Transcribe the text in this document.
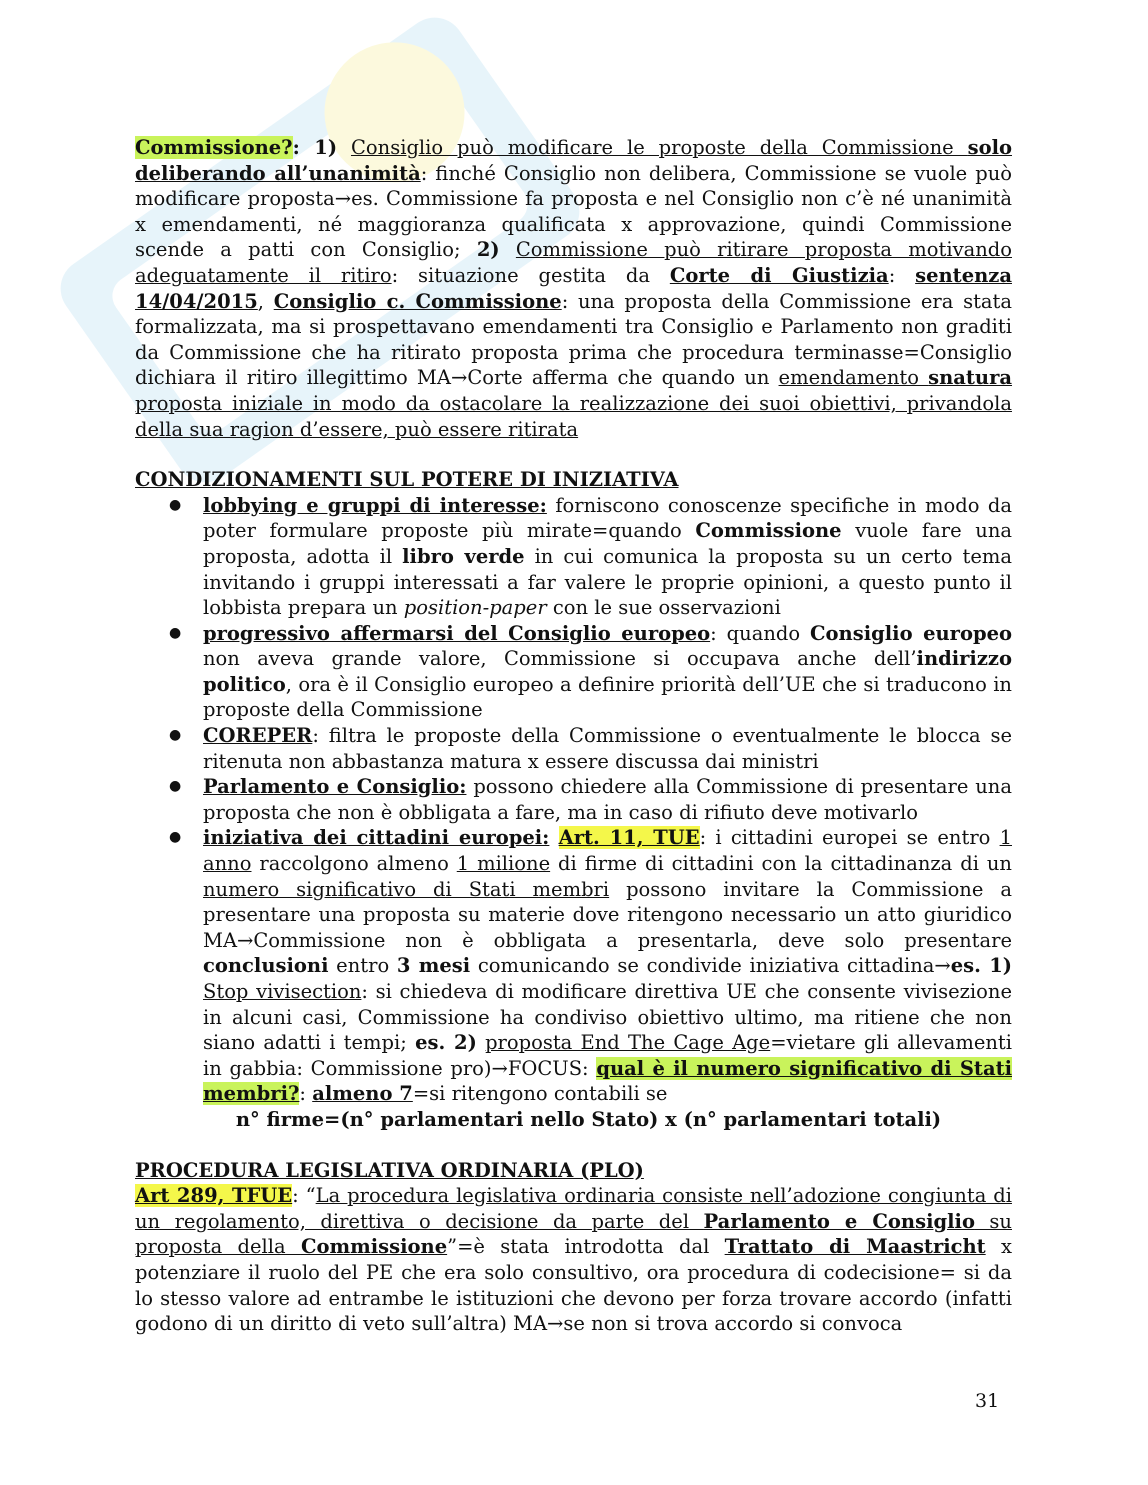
Commissione?: 1) Consiglio può modificare le proposte della Commissione solo deliberando all’unanimità: finché Consiglio non delibera, Commissione se vuole può modificare proposta→es. Commissione fa proposta e nel Consiglio non c’è né unanimità x emendamenti, né maggioranza qualificata x approvazione, quindi Commissione scende a patti con Consiglio; 2) Commissione può ritirare proposta motivando adeguatamente il ritiro: situazione gestita da Corte di Giustizia: sentenza 14/04/2015, Consiglio c. Commissione: una proposta della Commissione era stata formalizzata, ma si prospettavano emendamenti tra Consiglio e Parlamento non graditi da Commissione che ha ritirato proposta prima che procedura terminasse=Consiglio dichiara il ritiro illegittimo MA→Corte afferma che quando un emendamento snatura proposta iniziale in modo da ostacolare la realizzazione dei suoi obiettivi, privandola della sua ragion d’essere, può essere ritirata

CONDIZIONAMENTI SUL POTERE DI INIZIATIVA

● lobbying e gruppi di interesse: forniscono conoscenze specifiche in modo da poter formulare proposte più mirate=quando Commissione vuole fare una proposta, adotta il libro verde in cui comunica la proposta su un certo tema invitando i gruppi interessati a far valere le proprie opinioni, a questo punto il lobbista prepara un position-paper con le sue osservazioni
● progressivo affermarsi del Consiglio europeo: quando Consiglio europeo non aveva grande valore, Commissione si occupava anche dell’indirizzo politico, ora è il Consiglio europeo a definire priorità dell’UE che si traducono in proposte della Commissione
● COREPER: filtra le proposte della Commissione o eventualmente le blocca se ritenuta non abbastanza matura x essere discussa dai ministri
● Parlamento e Consiglio: possono chiedere alla Commissione di presentare una proposta che non è obbligata a fare, ma in caso di rifiuto deve motivarlo
● iniziativa dei cittadini europei: Art. 11, TUE: i cittadini europei se entro 1 anno raccolgono almeno 1 milione di firme di cittadini con la cittadinanza di un numero significativo di Stati membri possono invitare la Commissione a presentare una proposta su materie dove ritengono necessario un atto giuridico MA→Commissione non è obbligata a presentarla, deve solo presentare conclusioni entro 3 mesi comunicando se condivide iniziativa cittadina→es. 1) Stop vivisection: si chiedeva di modificare direttiva UE che consente vivisezione in alcuni casi, Commissione ha condiviso obiettivo ultimo, ma ritiene che non siano adatti i tempi; es. 2) proposta End The Cage Age=vietare gli allevamenti in gabbia: Commissione pro)→FOCUS: qual è il numero significativo di Stati membri?: almeno 7=si ritengono contabili se

n° firme=(n° parlamentari nello Stato) x (n° parlamentari totali)

PROCEDURA LEGISLATIVA ORDINARIA (PLO)

Art 289, TFUE: “La procedura legislativa ordinaria consiste nell’adozione congiunta di un regolamento, direttiva o decisione da parte del Parlamento e Consiglio su proposta della Commissione”=è stata introdotta dal Trattato di Maastricht x potenziare il ruolo del PE che era solo consultivo, ora procedura di codecisione= si da lo stesso valore ad entrambe le istituzioni che devono per forza trovare accordo (infatti godono di un diritto di veto sull’altra) MA→se non si trova accordo si convoca

31
